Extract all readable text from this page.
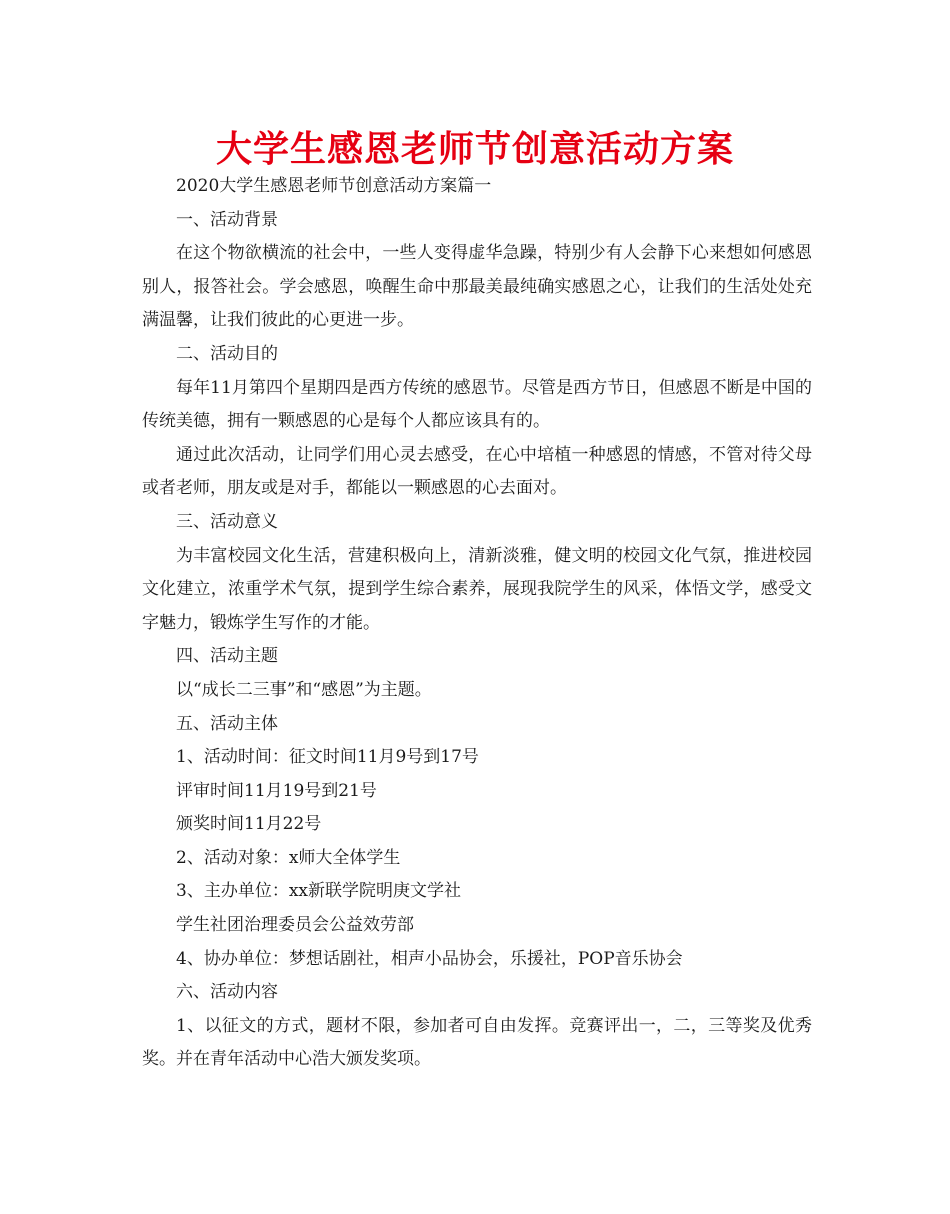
大学生感恩老师节创意活动方案

2020大学生感恩老师节创意活动方案篇一

一、活动背景

在这个物欲横流的社会中，一些人变得虚华急躁，特别少有人会静下心来想如何感恩别人，报答社会。学会感恩，唤醒生命中那最美最纯确实感恩之心，让我们的生活处处充满温馨，让我们彼此的心更进一步。

二、活动目的

每年11月第四个星期四是西方传统的感恩节。尽管是西方节日，但感恩不断是中国的传统美德，拥有一颗感恩的心是每个人都应该具有的。

通过此次活动，让同学们用心灵去感受，在心中培植一种感恩的情感，不管对待父母或者老师，朋友或是对手，都能以一颗感恩的心去面对。

三、活动意义

为丰富校园文化生活，营建积极向上，清新淡雅，健文明的校园文化气氛，推进校园文化建立，浓重学术气氛，提到学生综合素养，展现我院学生的风采，体悟文学，感受文字魅力，锻炼学生写作的才能。

四、活动主题

以“成长二三事”和“感恩”为主题。

五、活动主体

1、活动时间：征文时间11月9号到17号

评审时间11月19号到21号

颁奖时间11月22号

2、活动对象：x师大全体学生

3、主办单位：xx新联学院明庚文学社

学生社团治理委员会公益效劳部

4、协办单位：梦想话剧社，相声小品协会，乐援社，POP音乐协会

六、活动内容

1、以征文的方式，题材不限，参加者可自由发挥。竞赛评出一，二，三等奖及优秀奖。并在青年活动中心浩大颁发奖项。
